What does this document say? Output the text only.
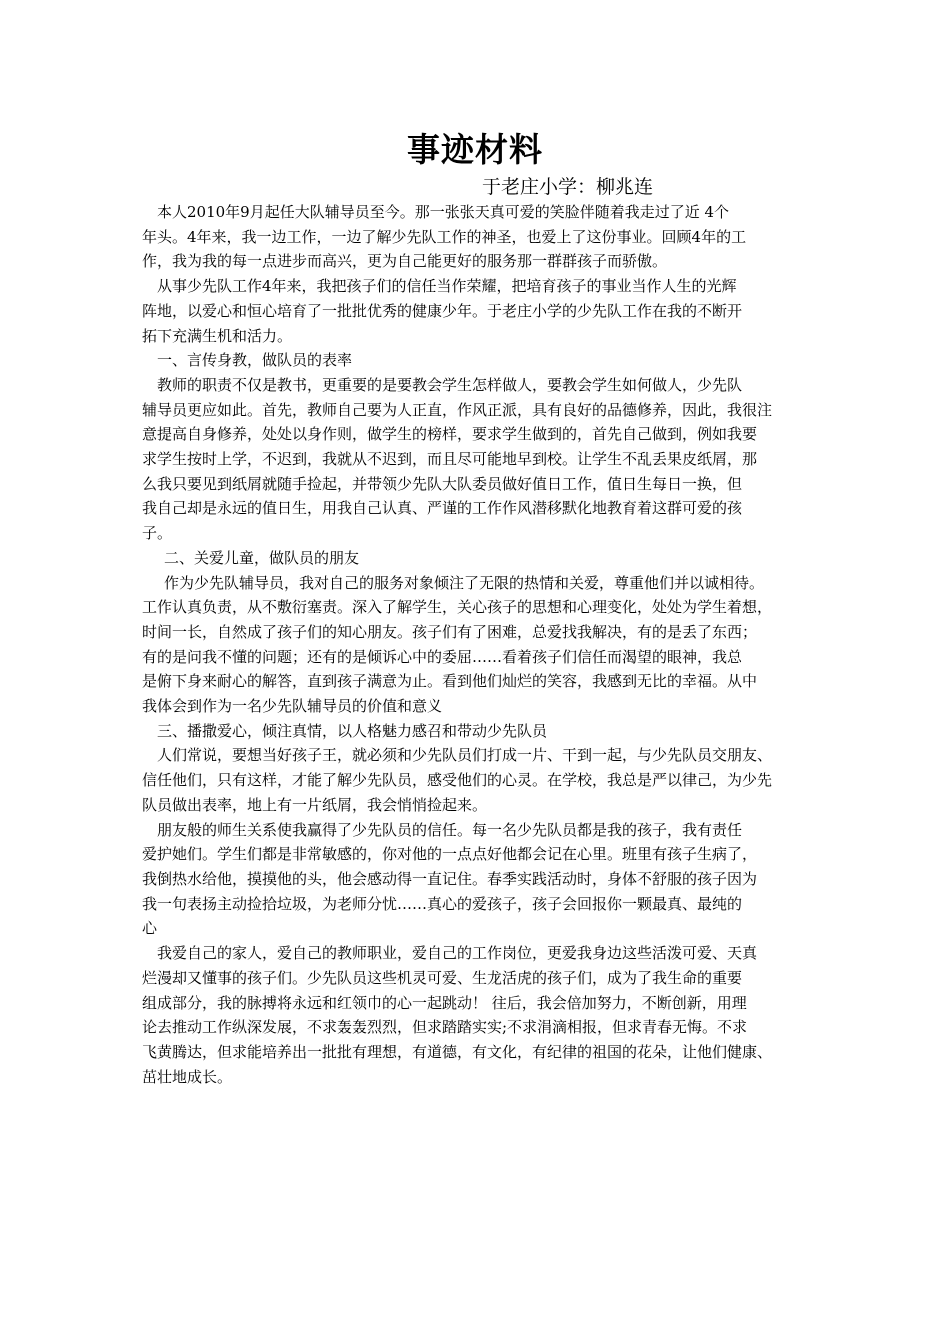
事迹材料
于老庄小学：柳兆连

本人2010年9月起任大队辅导员至今。那一张张天真可爱的笑脸伴随着我走过了近 4个

年头。4年来，我一边工作，一边了解少先队工作的神圣，也爱上了这份事业。回顾4年的工

作，我为我的每一点进步而高兴，更为自己能更好的服务那一群群孩子而骄傲。

从事少先队工作4年来，我把孩子们的信任当作荣耀，把培育孩子的事业当作人生的光辉

阵地，以爱心和恒心培育了一批批优秀的健康少年。于老庄小学的少先队工作在我的不断开

拓下充满生机和活力。

一、言传身教，做队员的表率

教师的职责不仅是教书，更重要的是要教会学生怎样做人，要教会学生如何做人，少先队

辅导员更应如此。首先，教师自己要为人正直，作风正派，具有良好的品德修养，因此，我很注

意提高自身修养，处处以身作则，做学生的榜样，要求学生做到的，首先自己做到，例如我要

求学生按时上学，不迟到，我就从不迟到，而且尽可能地早到校。让学生不乱丢果皮纸屑，那

么我只要见到纸屑就随手捡起，并带领少先队大队委员做好值日工作，值日生每日一换，但

我自己却是永远的值日生，用我自己认真、严谨的工作作风潜移默化地教育着这群可爱的孩

子。

二、关爱儿童，做队员的朋友

作为少先队辅导员，我对自己的服务对象倾注了无限的热情和关爱，尊重他们并以诚相待。

工作认真负责，从不敷衍塞责。深入了解学生，关心孩子的思想和心理变化，处处为学生着想，

时间一长，自然成了孩子们的知心朋友。孩子们有了困难，总爱找我解决，有的是丢了东西；

有的是问我不懂的问题；还有的是倾诉心中的委屈……看着孩子们信任而渴望的眼神，我总

是俯下身来耐心的解答，直到孩子满意为止。看到他们灿烂的笑容，我感到无比的幸福。从中

我体会到作为一名少先队辅导员的价值和意义

三、播撒爱心，倾注真情，以人格魅力感召和带动少先队员

人们常说，要想当好孩子王，就必须和少先队员们打成一片、干到一起，与少先队员交朋友、

信任他们，只有这样，才能了解少先队员，感受他们的心灵。在学校，我总是严以律己，为少先

队员做出表率，地上有一片纸屑，我会悄悄捡起来。

朋友般的师生关系使我赢得了少先队员的信任。每一名少先队员都是我的孩子，我有责任

爱护她们。学生们都是非常敏感的，你对他的一点点好他都会记在心里。班里有孩子生病了，

我倒热水给他，摸摸他的头，他会感动得一直记住。春季实践活动时，身体不舒服的孩子因为

我一句表扬主动捡拾垃圾，为老师分忧……真心的爱孩子，孩子会回报你一颗最真、最纯的

心

我爱自己的家人，爱自己的教师职业，爱自己的工作岗位，更爱我身边这些活泼可爱、天真

烂漫却又懂事的孩子们。少先队员这些机灵可爱、生龙活虎的孩子们，成为了我生命的重要

组成部分，我的脉搏将永远和红领巾的心一起跳动！ 往后，我会倍加努力，不断创新，用理

论去推动工作纵深发展，不求轰轰烈烈，但求踏踏实实;不求涓滴相报，但求青春无悔。不求

飞黄腾达，但求能培养出一批批有理想，有道德，有文化，有纪律的祖国的花朵，让他们健康、

茁壮地成长。
